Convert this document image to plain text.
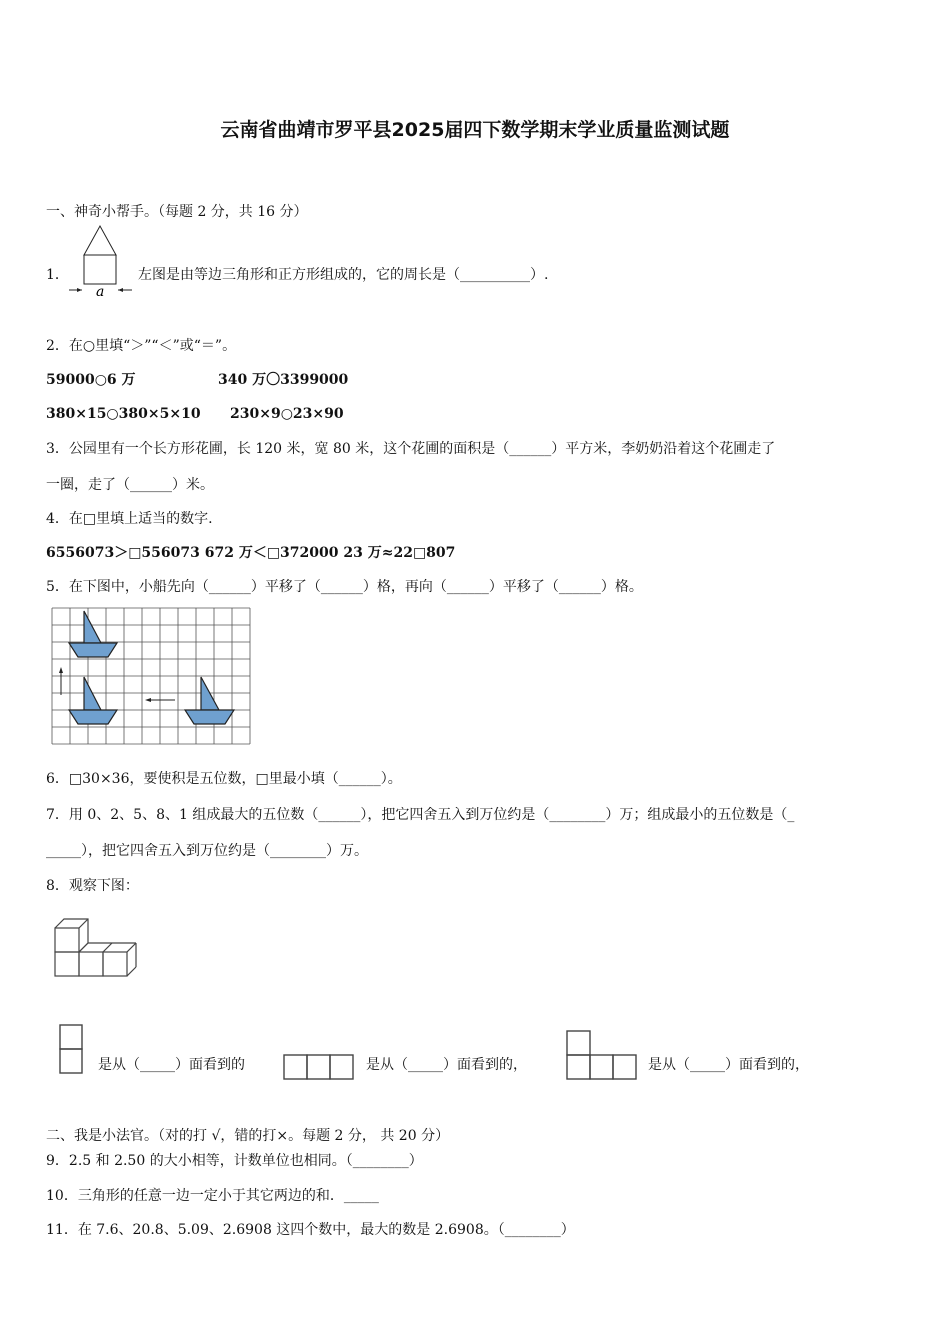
云南省曲靖市罗平县2025届四下数学期末学业质量监测试题
一、神奇小帮手。（每题 2 分，共 16 分）
1．
a
左图是由等边三角形和正方形组成的，它的周长是（__________）.
2．在○里填“＞”“＜”或“＝”。
59000○6 万	340 万〇3399000
380×15○380×5×10 230×9○23×90
3．公园里有一个长方形花圃，长 120 米，宽 80 米，这个花圃的面积是（______）平方米，李奶奶沿着这个花圃走了
一圈，走了（______）米。
4．在□里填上适当的数字.
6556073＞□556073 672 万＜□372000 23 万≈22□807
5．在下图中，小船先向（______）平移了（______）格，再向（______）平移了（______）格。
6．□30×36，要使积是五位数，□里最小填（______）。
7．用 0、2、5、8、1 组成最大的五位数（______），把它四舍五入到万位约是（________）万；组成最小的五位数是（_
_____），把它四舍五入到万位约是（________）万。
8．观察下图：
是从（_____）面看到的	是从（_____）面看到的，	是从（_____）面看到的，
二、我是小法官。（对的打 √，错的打×。每题 2 分， 共 20 分）
9．2.5 和 2.50 的大小相等，计数单位也相同。（________）
10．三角形的任意一边一定小于其它两边的和．_____
11．在 7.6、20.8、5.09、2.6908 这四个数中，最大的数是 2.6908。（________）
